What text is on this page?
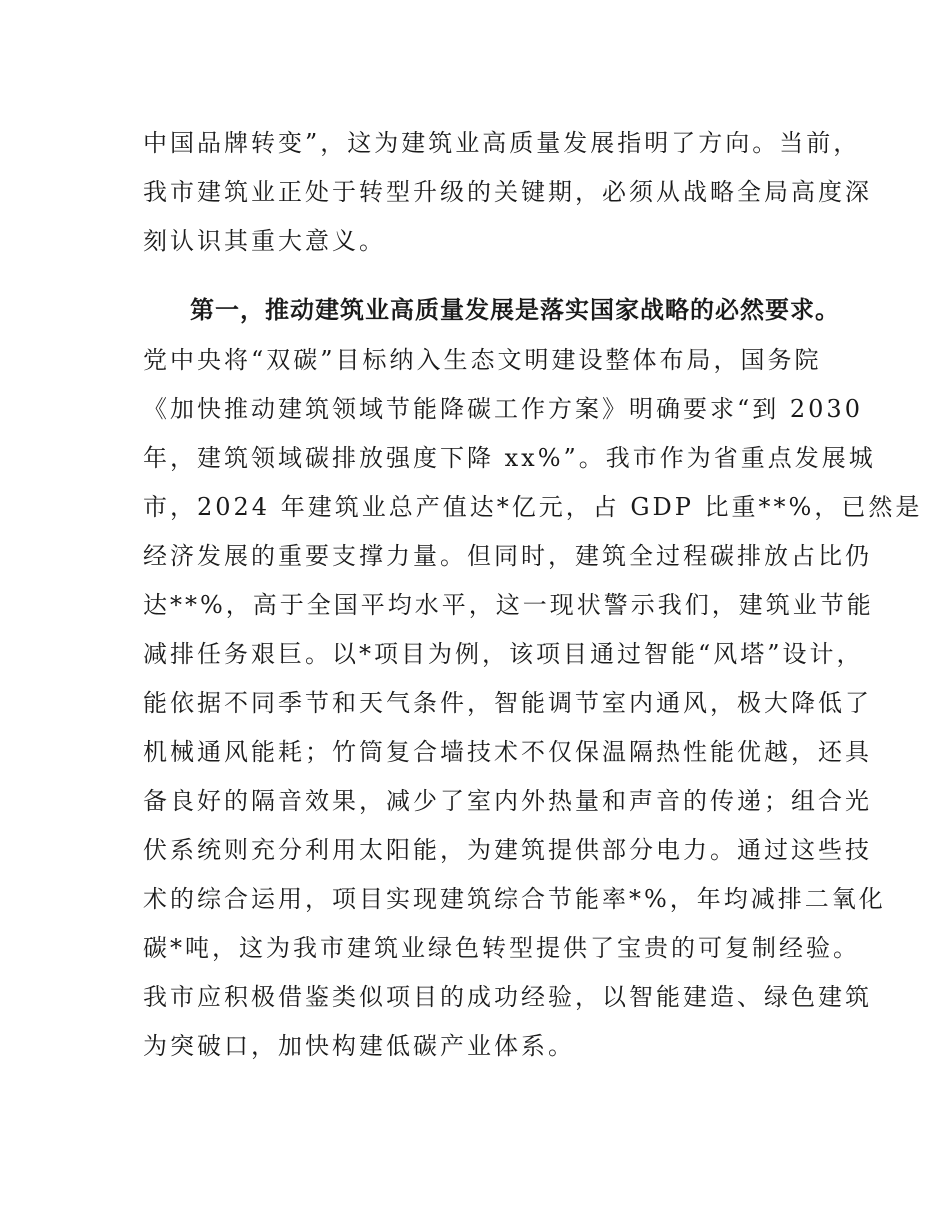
中国品牌转变”，这为建筑业高质量发展指明了方向。当前，
我市建筑业正处于转型升级的关键期，必须从战略全局高度深
刻认识其重大意义。
第一，推动建筑业高质量发展是落实国家战略的必然要求。
党中央将“双碳”目标纳入生态文明建设整体布局，国务院
《加快推动建筑领域节能降碳工作方案》明确要求“到 2030
年，建筑领域碳排放强度下降 xx%”。我市作为省重点发展城
市，2024 年建筑业总产值达*亿元，占 GDP 比重**%，已然是
经济发展的重要支撑力量。但同时，建筑全过程碳排放占比仍
达**%，高于全国平均水平，这一现状警示我们，建筑业节能
减排任务艰巨。以*项目为例，该项目通过智能“风塔”设计，
能依据不同季节和天气条件，智能调节室内通风，极大降低了
机械通风能耗；竹筒复合墙技术不仅保温隔热性能优越，还具
备良好的隔音效果，减少了室内外热量和声音的传递；组合光
伏系统则充分利用太阳能，为建筑提供部分电力。通过这些技
术的综合运用，项目实现建筑综合节能率*%，年均减排二氧化
碳*吨，这为我市建筑业绿色转型提供了宝贵的可复制经验。
我市应积极借鉴类似项目的成功经验，以智能建造、绿色建筑
为突破口，加快构建低碳产业体系。
